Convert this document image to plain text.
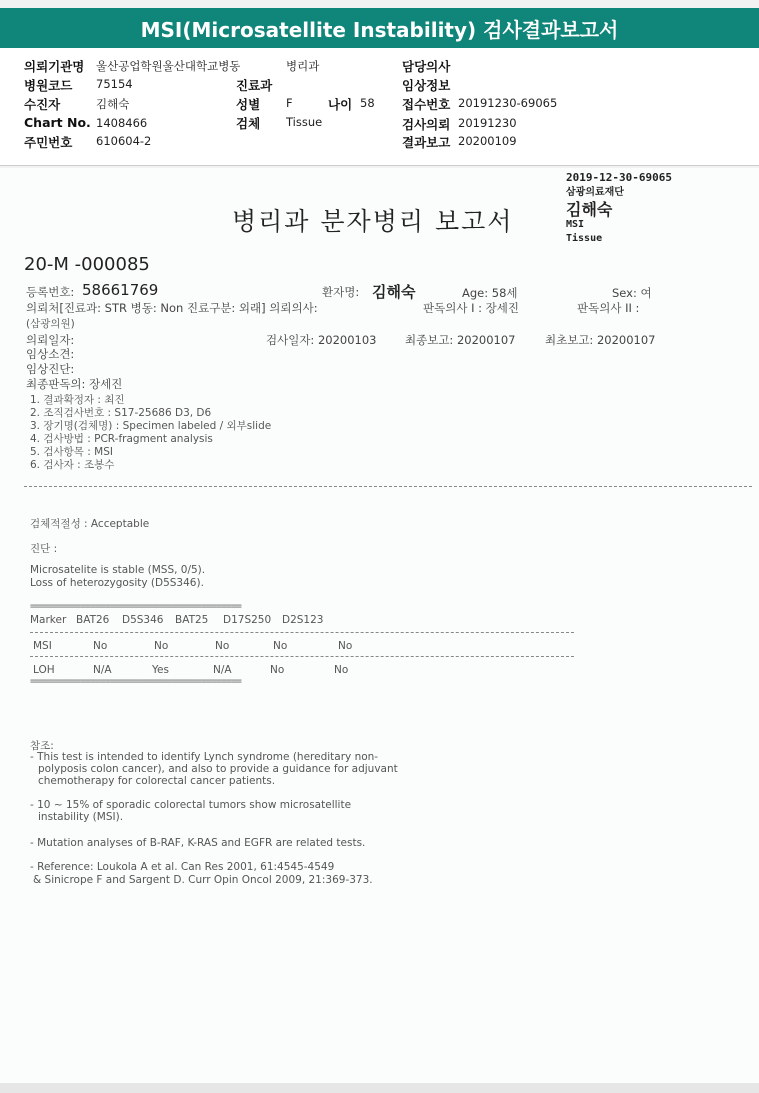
MSI(Microsatellite Instability) 검사결과보고서
의뢰기관명 울산공업학원울산대학교병동	병리과	담당의사
병원코드 75154	진료과	임상정보
수진자	김해숙	성별 F	나이 58 접수번호 20191230-69065
Chart No. 1408466	검체 Tissue	검사의뢰 20191230
주민번호 610604-2	결과보고 20200109
2019-12-30-69065
삼광의료재단
김해숙
MSI
Tissue
병리과 분자병리 보고서
20-M -000085
등록번호: 58661769	환자명: 김해숙	Age: 58세	Sex: 여
의뢰처[진료과: STR 병동: Non 진료구분: 외래] 의뢰의사:	판독의사 I : 장세진	판독의사 II :
(삼광의원)
의뢰일자:	검사일자: 20200103 최종보고: 20200107	최초보고: 20200107
임상소견:
임상진단:
최종판독의: 장세진
1. 결과확정자 : 최진
2. 조직검사번호 : S17-25686 D3, D6
3. 장기명(검체명) : Specimen labeled / 외부slide
4. 검사방법 : PCR-fragment analysis
5. 검사항목 : MSI
6. 검사자 : 조봉수
검체적절성 : Acceptable
진단 :
Microsatelite is stable (MSS, 0/5).
Loss of heterozygosity (D5S346).
==========================================
Marker BAT26 D5S346 BAT25 D17S250 D2S123
MSI	No	No	No	No	No
LOH	N/A	Yes	N/A	No	No
==========================================
참조:
- This test is intended to identify Lynch syndrome (hereditary non-
polyposis colon cancer), and also to provide a guidance for adjuvant
chemotherapy for colorectal cancer patients.
- 10 ~ 15% of sporadic colorectal tumors show microsatellite
instability (MSI).
- Mutation analyses of B-RAF, K-RAS and EGFR are related tests.
- Reference: Loukola A et al. Can Res 2001, 61:4545-4549
& Sinicrope F and Sargent D. Curr Opin Oncol 2009, 21:369-373.
